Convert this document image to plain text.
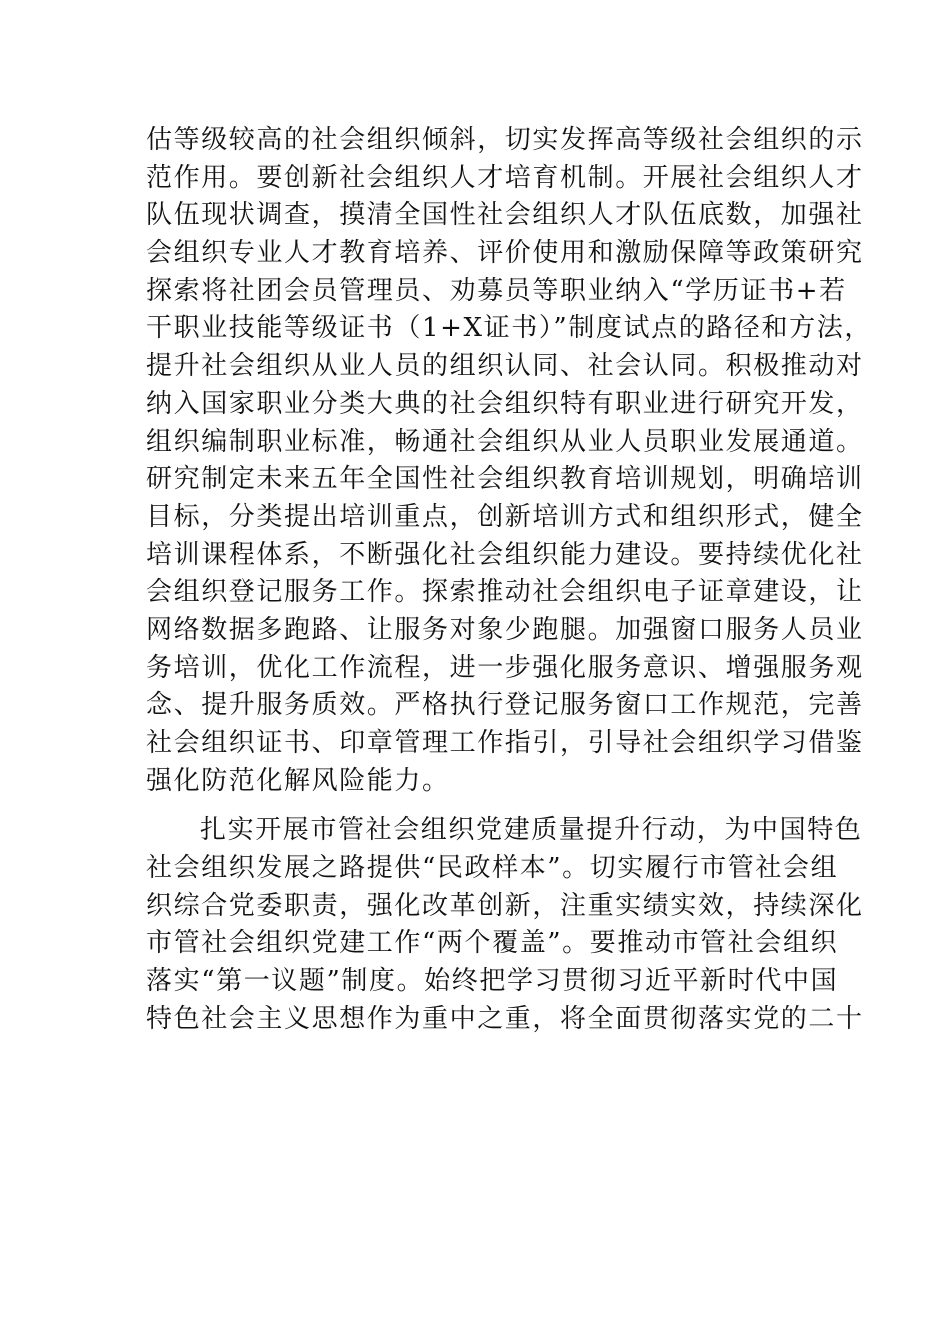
估等级较高的社会组织倾斜，切实发挥高等级社会组织的示
范作用。要创新社会组织人才培育机制。开展社会组织人才
队伍现状调查，摸清全国性社会组织人才队伍底数，加强社
会组织专业人才教育培养、评价使用和激励保障等政策研究
探索将社团会员管理员、劝募员等职业纳入“学历证书+若
干职业技能等级证书（1+X证书）”制度试点的路径和方法，
提升社会组织从业人员的组织认同、社会认同。积极推动对
纳入国家职业分类大典的社会组织特有职业进行研究开发，
组织编制职业标准，畅通社会组织从业人员职业发展通道。
研究制定未来五年全国性社会组织教育培训规划，明确培训
目标，分类提出培训重点，创新培训方式和组织形式，健全
培训课程体系，不断强化社会组织能力建设。要持续优化社
会组织登记服务工作。探索推动社会组织电子证章建设，让
网络数据多跑路、让服务对象少跑腿。加强窗口服务人员业
务培训，优化工作流程，进一步强化服务意识、增强服务观
念、提升服务质效。严格执行登记服务窗口工作规范，完善
社会组织证书、印章管理工作指引，引导社会组织学习借鉴
强化防范化解风险能力。
扎实开展市管社会组织党建质量提升行动，为中国特色
社会组织发展之路提供“民政样本”。切实履行市管社会组
织综合党委职责，强化改革创新，注重实绩实效，持续深化
市管社会组织党建工作“两个覆盖”。要推动市管社会组织
落实“第一议题”制度。始终把学习贯彻习近平新时代中国
特色社会主义思想作为重中之重，将全面贯彻落实党的二十
